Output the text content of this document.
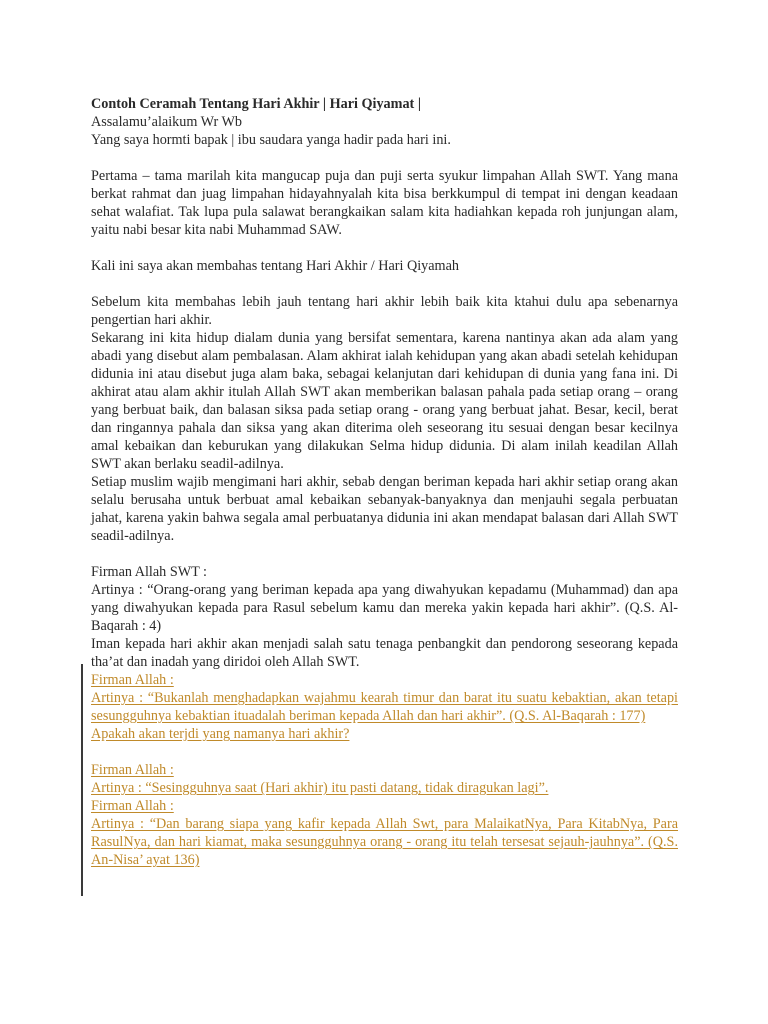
Contoh Ceramah Tentang Hari Akhir | Hari Qiyamat |

Assalamu’alaikum Wr Wb

Yang saya hormti bapak | ibu saudara yanga hadir pada hari ini.

Pertama – tama marilah kita mangucap puja dan puji serta syukur limpahan Allah SWT. Yang mana berkat rahmat dan juag limpahan hidayahnyalah kita bisa berkkumpul di tempat ini dengan keadaan sehat walafiat. Tak lupa pula salawat berangkaikan salam kita hadiahkan kepada roh junjungan alam, yaitu nabi besar kita nabi Muhammad SAW.

Kali ini saya akan membahas tentang Hari Akhir / Hari Qiyamah

Sebelum kita membahas lebih jauh tentang hari akhir lebih baik kita ktahui dulu apa sebenarnya pengertian hari akhir.

Sekarang ini kita hidup dialam dunia yang bersifat sementara, karena nantinya akan ada alam yang abadi yang disebut alam pembalasan. Alam akhirat ialah kehidupan yang akan abadi setelah kehidupan didunia ini atau disebut juga alam baka, sebagai kelanjutan dari kehidupan di dunia yang fana ini. Di akhirat atau alam akhir itulah Allah SWT akan memberikan balasan pahala pada setiap orang – orang yang berbuat baik, dan balasan siksa pada setiap orang - orang yang berbuat jahat. Besar, kecil, berat dan ringannya pahala dan siksa yang akan diterima oleh seseorang itu sesuai dengan besar kecilnya amal kebaikan dan keburukan yang dilakukan Selma hidup didunia. Di alam inilah keadilan Allah SWT akan berlaku seadil-adilnya.

Setiap muslim wajib mengimani hari akhir, sebab dengan beriman kepada hari akhir setiap orang akan selalu berusaha untuk berbuat amal kebaikan sebanyak-banyaknya dan menjauhi segala perbuatan jahat, karena yakin bahwa segala amal perbuatanya didunia ini akan mendapat balasan dari Allah SWT seadil-adilnya.

Firman Allah SWT :

Artinya : “Orang-orang yang beriman kepada apa yang diwahyukan kepadamu (Muhammad) dan apa yang diwahyukan kepada para Rasul sebelum kamu dan mereka yakin kepada hari akhir”. (Q.S. Al-Baqarah : 4)

Iman kepada hari akhir akan menjadi salah satu tenaga penbangkit dan pendorong seseorang kepada tha’at dan inadah yang diridoi oleh Allah SWT.

Firman Allah :

Artinya : “Bukanlah menghadapkan wajahmu kearah timur dan barat itu suatu kebaktian, akan tetapi sesungguhnya kebaktian ituadalah beriman kepada Allah dan hari akhir”. (Q.S. Al-Baqarah : 177)

Apakah akan terjdi yang namanya hari akhir?

Firman Allah :

Artinya : “Sesingguhnya saat (Hari akhir) itu pasti datang, tidak diragukan lagi”.

Firman Allah :

Artinya : “Dan barang siapa yang kafir kepada Allah Swt, para MalaikatNya, Para KitabNya, Para RasulNya, dan hari kiamat, maka sesungguhnya orang - orang itu telah tersesat sejauh-jauhnya”. (Q.S. An-Nisa’ ayat 136)
